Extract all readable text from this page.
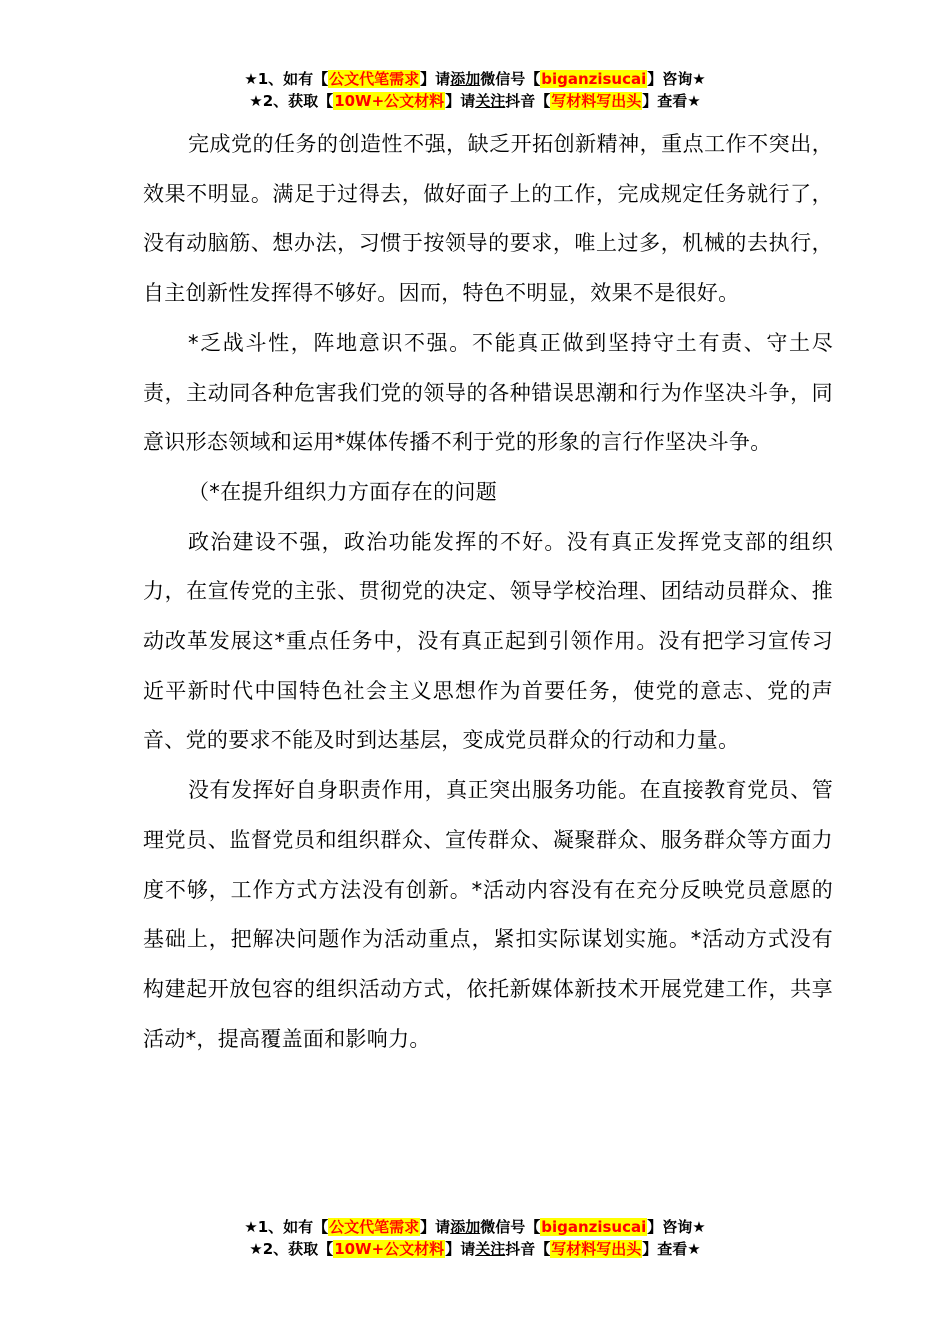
★1、如有【公文代笔需求】请添加微信号【biganzisucai】咨询★
★2、获取【10W+公文材料】请关注抖音【写材料写出头】查看★

完成党的任务的创造性不强，缺乏开拓创新精神，重点工作不突出，效果不明显。满足于过得去，做好面子上的工作，完成规定任务就行了，没有动脑筋、想办法，习惯于按领导的要求，唯上过多，机械的去执行，自主创新性发挥得不够好。因而，特色不明显，效果不是很好。

*乏战斗性，阵地意识不强。不能真正做到坚持守土有责、守土尽责，主动同各种危害我们党的领导的各种错误思潮和行为作坚决斗争，同意识形态领域和运用*媒体传播不利于党的形象的言行作坚决斗争。

（*在提升组织力方面存在的问题

政治建设不强，政治功能发挥的不好。没有真正发挥党支部的组织力，在宣传党的主张、贯彻党的决定、领导学校治理、团结动员群众、推动改革发展这*重点任务中，没有真正起到引领作用。没有把学习宣传习近平新时代中国特色社会主义思想作为首要任务，使党的意志、党的声音、党的要求不能及时到达基层，变成党员群众的行动和力量。

没有发挥好自身职责作用，真正突出服务功能。在直接教育党员、管理党员、监督党员和组织群众、宣传群众、凝聚群众、服务群众等方面力度不够，工作方式方法没有创新。*活动内容没有在充分反映党员意愿的基础上，把解决问题作为活动重点，紧扣实际谋划实施。*活动方式没有构建起开放包容的组织活动方式，依托新媒体新技术开展党建工作，共享活动*，提高覆盖面和影响力。

★1、如有【公文代笔需求】请添加微信号【biganzisucai】咨询★
★2、获取【10W+公文材料】请关注抖音【写材料写出头】查看★
